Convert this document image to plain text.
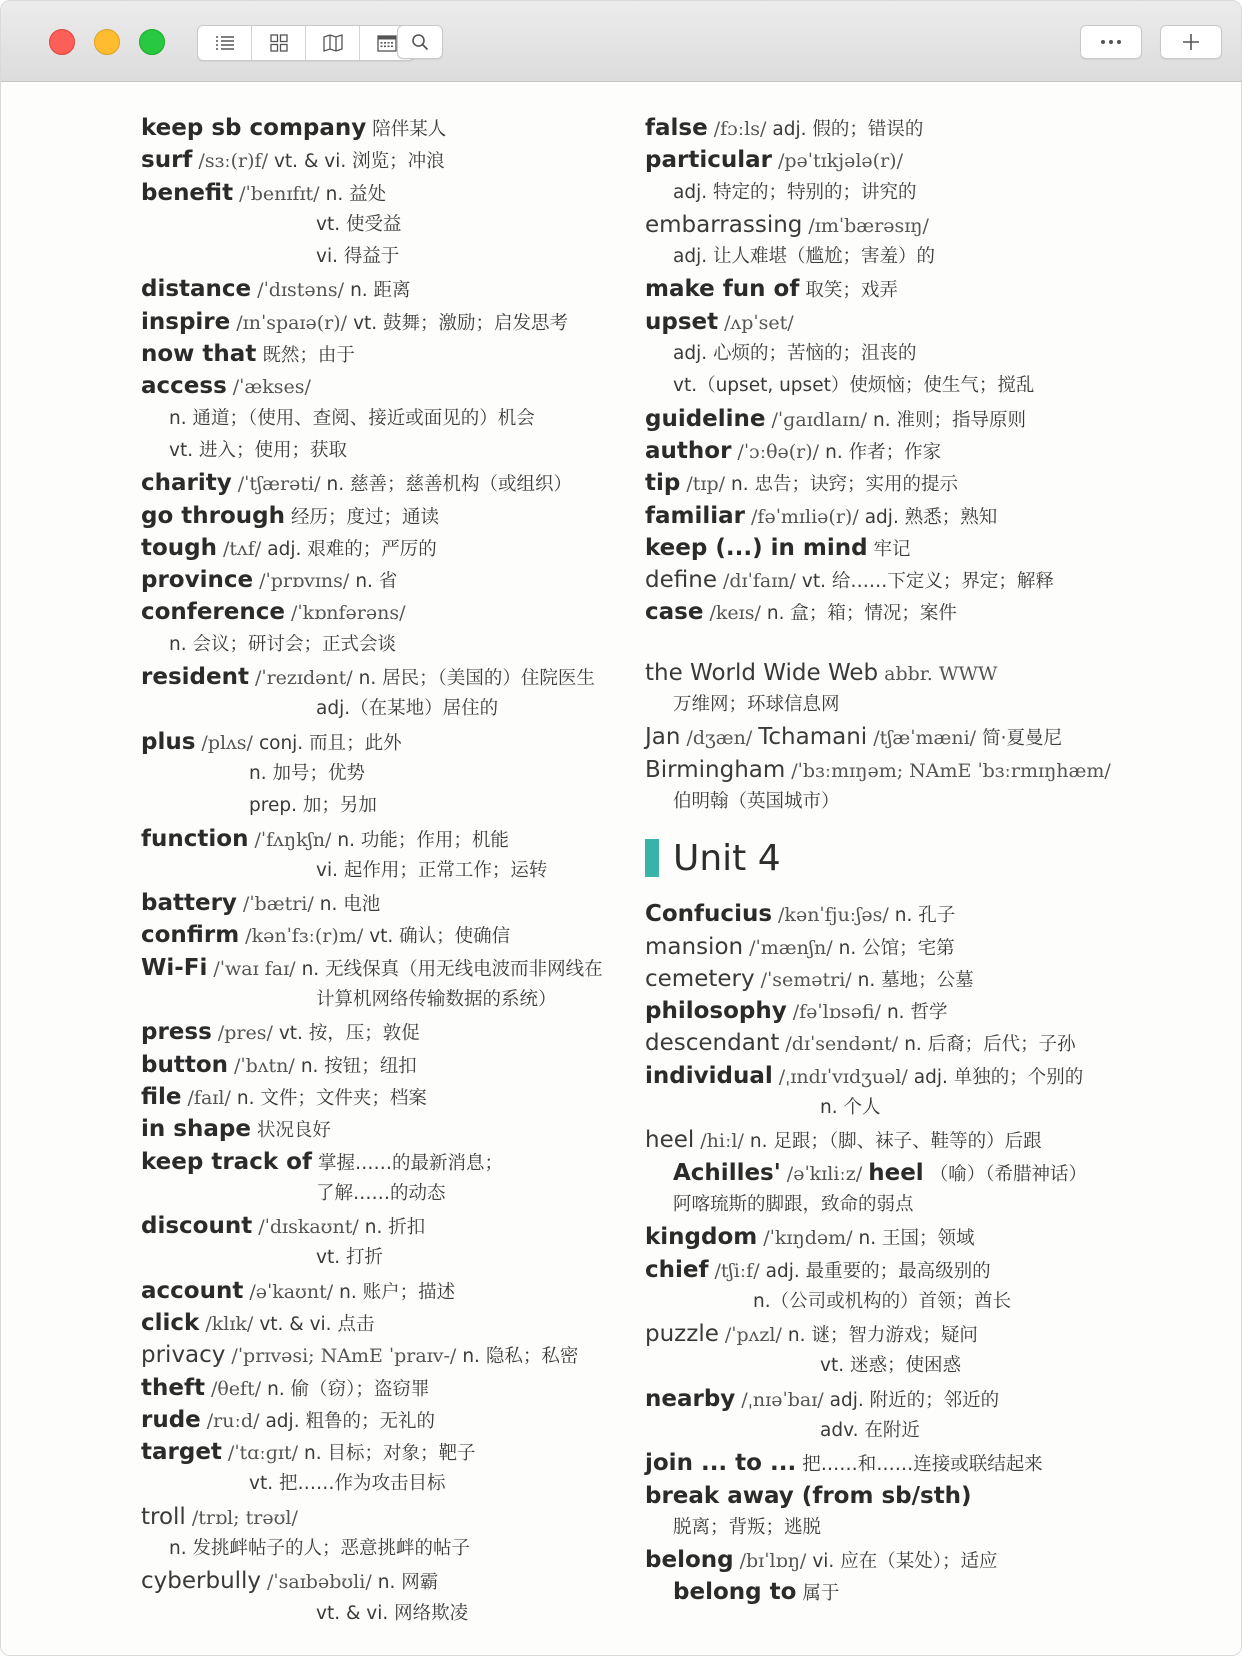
keep sb company 陪伴某人
surf /sɜː(r)f/ vt. & vi. 浏览；冲浪
benefit /ˈbenɪfɪt/ n. 益处
vt. 使受益
vi. 得益于
distance /ˈdɪstəns/ n. 距离
inspire /ɪnˈspaɪə(r)/ vt. 鼓舞；激励；启发思考
now that 既然；由于
access /ˈækses/
n. 通道；（使用、查阅、接近或面见的）机会
vt. 进入；使用；获取
charity /ˈtʃærəti/ n. 慈善；慈善机构（或组织）
go through 经历；度过；通读
tough /tʌf/ adj. 艰难的；严厉的
province /ˈprɒvɪns/ n. 省
conference /ˈkɒnfərəns/
n. 会议；研讨会；正式会谈
resident /ˈrezɪdənt/ n. 居民；（美国的）住院医生
adj.（在某地）居住的
plus /plʌs/ conj. 而且；此外
n. 加号；优势
prep. 加；另加
function /ˈfʌŋkʃn/ n. 功能；作用；机能
vi. 起作用；正常工作；运转
battery /ˈbætri/ n. 电池
confirm /kənˈfɜː(r)m/ vt. 确认；使确信
Wi-Fi /ˈwaɪ faɪ/ n. 无线保真（用无线电波而非网线在
计算机网络传输数据的系统）
press /pres/ vt. 按，压；敦促
button /ˈbʌtn/ n. 按钮；纽扣
file /faɪl/ n. 文件；文件夹；档案
in shape 状况良好
keep track of 掌握……的最新消息；
了解……的动态
discount /ˈdɪskaʊnt/ n. 折扣
vt. 打折
account /əˈkaʊnt/ n. 账户；描述
click /klɪk/ vt. & vi. 点击
privacy /ˈprɪvəsi; NAmE ˈpraɪv-/ n. 隐私；私密
theft /θeft/ n. 偷（窃）；盗窃罪
rude /ruːd/ adj. 粗鲁的；无礼的
target /ˈtɑːɡɪt/ n. 目标；对象；靶子
vt. 把……作为攻击目标
troll /trɒl; trəʊl/
n. 发挑衅帖子的人；恶意挑衅的帖子
cyberbully /ˈsaɪbəbʊli/ n. 网霸
vt. & vi. 网络欺凌
false /fɔːls/ adj. 假的；错误的
particular /pəˈtɪkjələ(r)/
adj. 特定的；特别的；讲究的
embarrassing /ɪmˈbærəsɪŋ/
adj. 让人难堪（尴尬；害羞）的
make fun of 取笑；戏弄
upset /ʌpˈset/
adj. 心烦的；苦恼的；沮丧的
vt.（upset, upset）使烦恼；使生气；搅乱
guideline /ˈɡaɪdlaɪn/ n. 准则；指导原则
author /ˈɔːθə(r)/ n. 作者；作家
tip /tɪp/ n. 忠告；诀窍；实用的提示
familiar /fəˈmɪliə(r)/ adj. 熟悉；熟知
keep (...) in mind 牢记
define /dɪˈfaɪn/ vt. 给……下定义；界定；解释
case /keɪs/ n. 盒；箱；情况；案件
the World Wide Web abbr. WWW
万维网；环球信息网
Jan /dʒæn/ Tchamani /tʃæˈmæni/ 简·夏曼尼
Birmingham /ˈbɜːmɪŋəm; NAmE ˈbɜːrmɪŋhæm/
伯明翰（英国城市）
Unit 4
Confucius /kənˈfjuːʃəs/ n. 孔子
mansion /ˈmænʃn/ n. 公馆；宅第
cemetery /ˈsemətri/ n. 墓地；公墓
philosophy /fəˈlɒsəfi/ n. 哲学
descendant /dɪˈsendənt/ n. 后裔；后代；子孙
individual /ˌɪndɪˈvɪdʒuəl/ adj. 单独的；个别的
n. 个人
heel /hiːl/ n. 足跟；（脚、袜子、鞋等的）后跟
Achilles' /əˈkɪliːz/ heel （喻）（希腊神话）
阿喀琉斯的脚跟，致命的弱点
kingdom /ˈkɪŋdəm/ n. 王国；领域
chief /tʃiːf/ adj. 最重要的；最高级别的
n.（公司或机构的）首领；酋长
puzzle /ˈpʌzl/ n. 谜；智力游戏；疑问
vt. 迷惑；使困惑
nearby /ˌnɪəˈbaɪ/ adj. 附近的；邻近的
adv. 在附近
join ... to ... 把……和……连接或联结起来
break away (from sb/sth)
脱离；背叛；逃脱
belong /bɪˈlɒŋ/ vi. 应在（某处）；适应
belong to 属于
